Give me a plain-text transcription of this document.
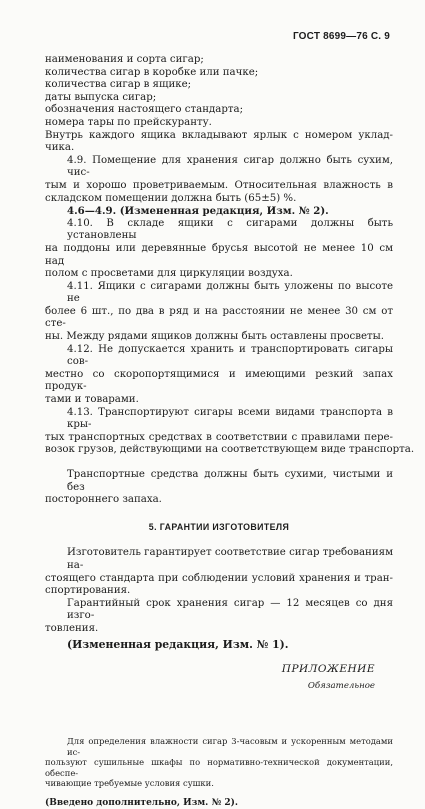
ГОСТ 8699—76 С. 9
наименования и сорта сигар;
количества сигар в коробке или пачке;
количества сигар в ящике;
даты выпуска сигар;
обозначения настоящего стандарта;
номера тары по прейскуранту.
Внутрь каждого ящика вкладывают ярлык с номером уклад-
чика.
4.9. Помещение для хранения сигар должно быть сухим, чис-
тым и хорошо проветриваемым. Относительная влажность в
складском помещении должна быть (65±5) %.
4.6—4.9. (Измененная редакция, Изм. № 2).
4.10. В складе ящики с сигарами должны быть установлены
на поддоны или деревянные брусья высотой не менее 10 см над
полом с просветами для циркуляции воздуха.
4.11. Ящики с сигарами должны быть уложены по высоте не
более 6 шт., по два в ряд и на расстоянии не менее 30 см от сте-
ны. Между рядами ящиков должны быть оставлены просветы.
4.12. Не допускается хранить и транспортировать сигары сов-
местно со скоропортящимися и имеющими резкий запах продук-
тами и товарами.
4.13. Транспортируют сигары всеми видами транспорта в кры-
тых транспортных средствах в соответствии с правилами пере-
возок грузов, действующими на соответствующем виде транспорта.
Транспортные средства должны быть сухими, чистыми и без
постороннего запаха.
5. ГАРАНТИИ ИЗГОТОВИТЕЛЯ
Изготовитель гарантирует соответствие сигар требованиям на-
стоящего стандарта при соблюдении условий хранения и тран-
спортирования.
Гарантийный срок хранения сигар — 12 месяцев со дня изго-
товления.
(Измененная редакция, Изм. № 1).
ПРИЛОЖЕНИЕ
Обязательное
Для определения влажности сигар 3-часовым и ускоренным методами ис-
пользуют сушильные шкафы по нормативно-технической документации, обеспе-
чивающие требуемые условия сушки.
(Введено дополнительно, Изм. № 2).
